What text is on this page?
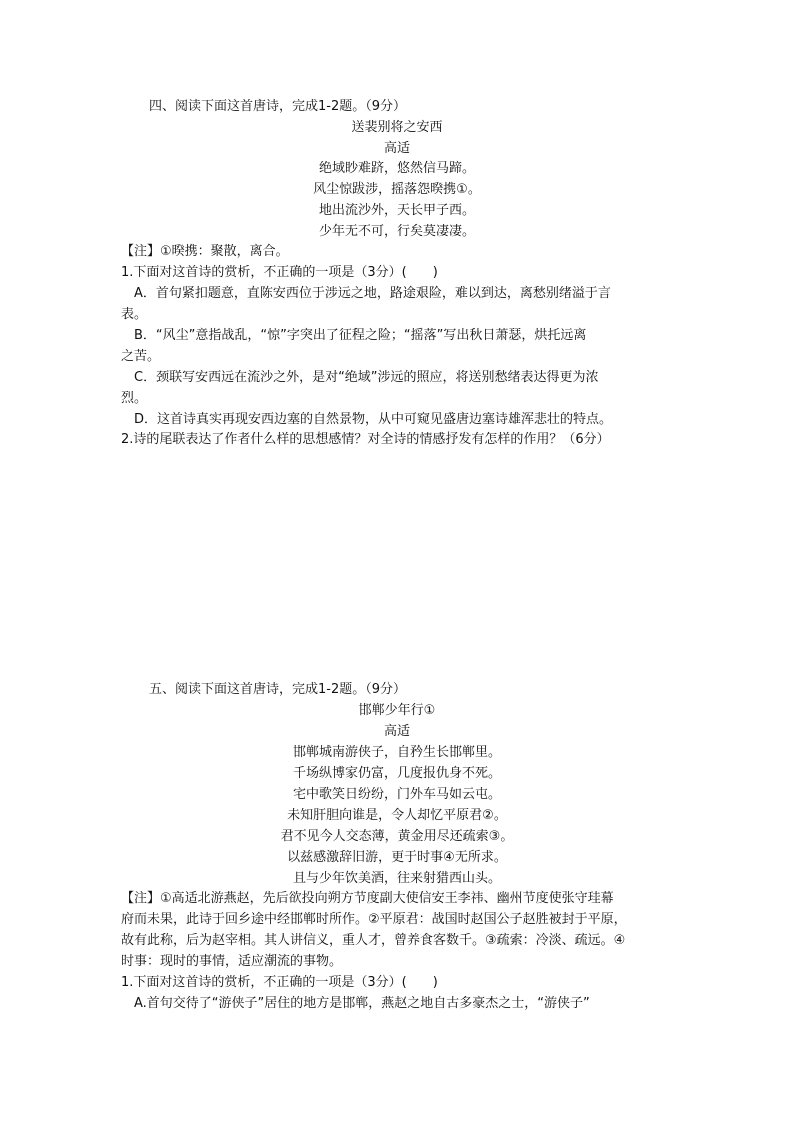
四、阅读下面这首唐诗，完成1-2题。（9分）
送裴别将之安西
高适
绝域眇难跻，悠然信马蹄。
风尘惊跋涉，摇落怨暌携①。
地出流沙外，天长甲子西。
少年无不可，行矣莫凄凄。
【注】①暌携：聚散，离合。
1.下面对这首诗的赏析，不正确的一项是（3分）(　　)
A．首句紧扣题意，直陈安西位于涉远之地，路途艰险，难以到达，离愁别绪溢于言
表。
B．“风尘”意指战乱，“惊”字突出了征程之险；“摇落”写出秋日萧瑟，烘托远离
之苦。
C．颈联写安西远在流沙之外，是对“绝域”涉远的照应，将送别愁绪表达得更为浓
烈。
D．这首诗真实再现安西边塞的自然景物，从中可窥见盛唐边塞诗雄浑悲壮的特点。
2.诗的尾联表达了作者什么样的思想感情？对全诗的情感抒发有怎样的作用？（6分）
五、阅读下面这首唐诗，完成1-2题。（9分）
邯郸少年行①
高适
邯郸城南游侠子，自矜生长邯郸里。
千场纵博家仍富，几度报仇身不死。
宅中歌笑日纷纷，门外车马如云屯。
未知肝胆向谁是，令人却忆平原君②。
君不见今人交态薄，黄金用尽还疏索③。
以兹感激辞旧游，更于时事④无所求。
且与少年饮美酒，往来射猎西山头。
【注】①高适北游燕赵，先后欲投向朔方节度副大使信安王李祎、幽州节度使张守珪幕
府而未果，此诗于回乡途中经邯郸时所作。②平原君：战国时赵国公子赵胜被封于平原，
故有此称，后为赵宰相。其人讲信义，重人才，曾养食客数千。③疏索：冷淡、疏远。④
时事：现时的事情，适应潮流的事物。
1.下面对这首诗的赏析，不正确的一项是（3分）(　　)
A.首句交待了“游侠子”居住的地方是邯郸，燕赵之地自古多豪杰之士，“游侠子”
